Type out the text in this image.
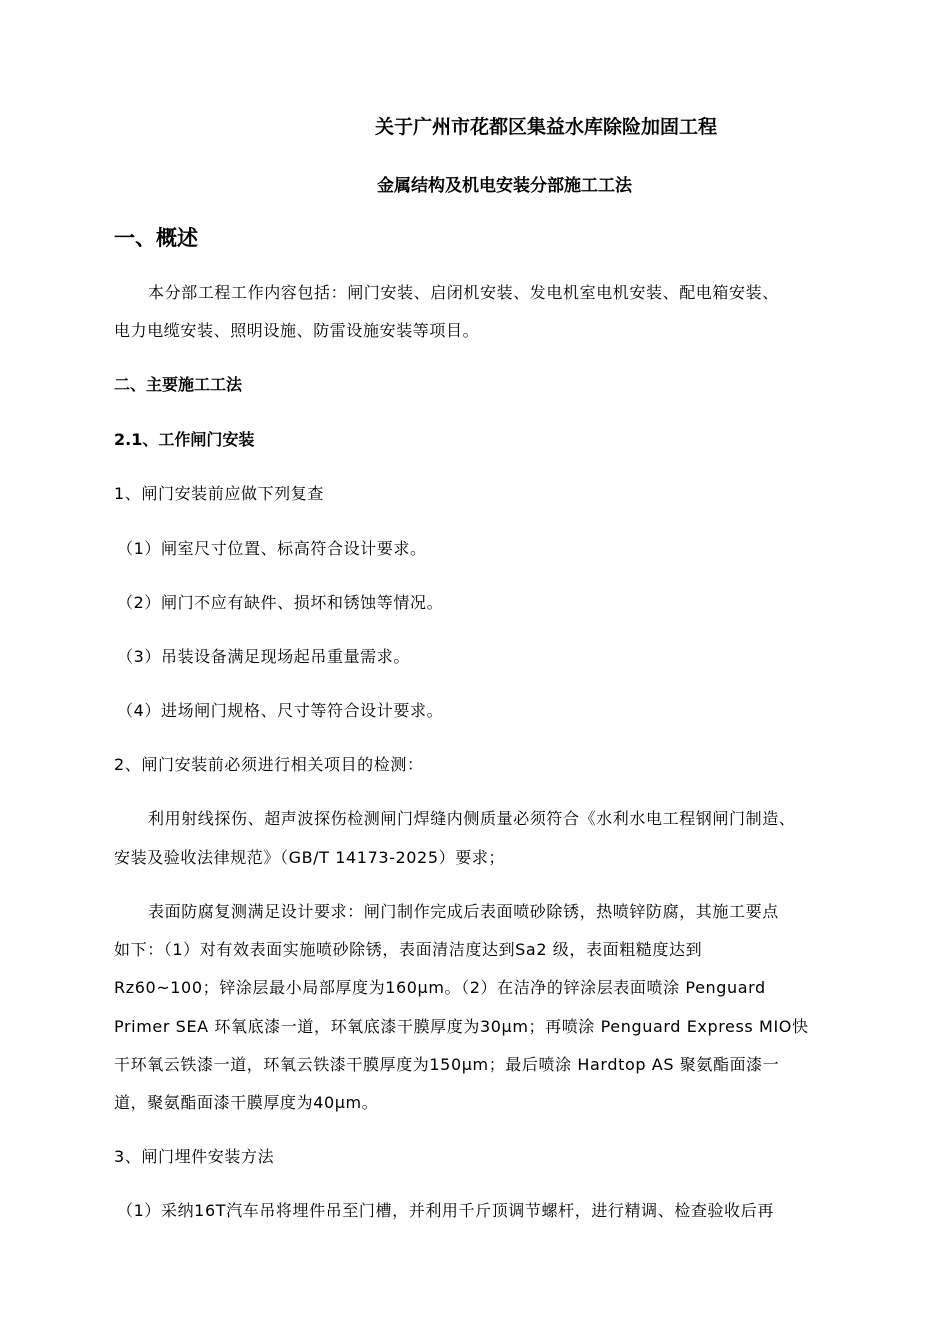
关于广州市花都区集益水库除险加固工程
金属结构及机电安装分部施工工法
一、概述
本分部工程工作内容包括：闸门安装、启闭机安装、发电机室电机安装、配电箱安装、
电力电缆安装、照明设施、防雷设施安装等项目。
二、主要施工工法
2.1、工作闸门安装
1、闸门安装前应做下列复查
（1）闸室尺寸位置、标高符合设计要求。
（2）闸门不应有缺件、损坏和锈蚀等情况。
（3）吊装设备满足现场起吊重量需求。
（4）进场闸门规格、尺寸等符合设计要求。
2、闸门安装前必须进行相关项目的检测：
利用射线探伤、超声波探伤检测闸门焊缝内侧质量必须符合《水利水电工程钢闸门制造、
安装及验收法律规范》（GB/T 14173-2025）要求；
表面防腐复测满足设计要求：闸门制作完成后表面喷砂除锈，热喷锌防腐，其施工要点
如下：（1）对有效表面实施喷砂除锈，表面清洁度达到Sa2 级，表面粗糙度达到
Rz60~100；锌涂层最小局部厚度为160μm。（2）在洁净的锌涂层表面喷涂 Penguard
Primer SEA 环氧底漆一道，环氧底漆干膜厚度为30μm；再喷涂 Penguard Express MIO快
干环氧云铁漆一道，环氧云铁漆干膜厚度为150μm；最后喷涂 Hardtop AS 聚氨酯面漆一
道，聚氨酯面漆干膜厚度为40μm。
3、闸门埋件安装方法
（1）采纳16T汽车吊将埋件吊至门槽，并利用千斤顶调节螺杆，进行精调、检查验收后再
